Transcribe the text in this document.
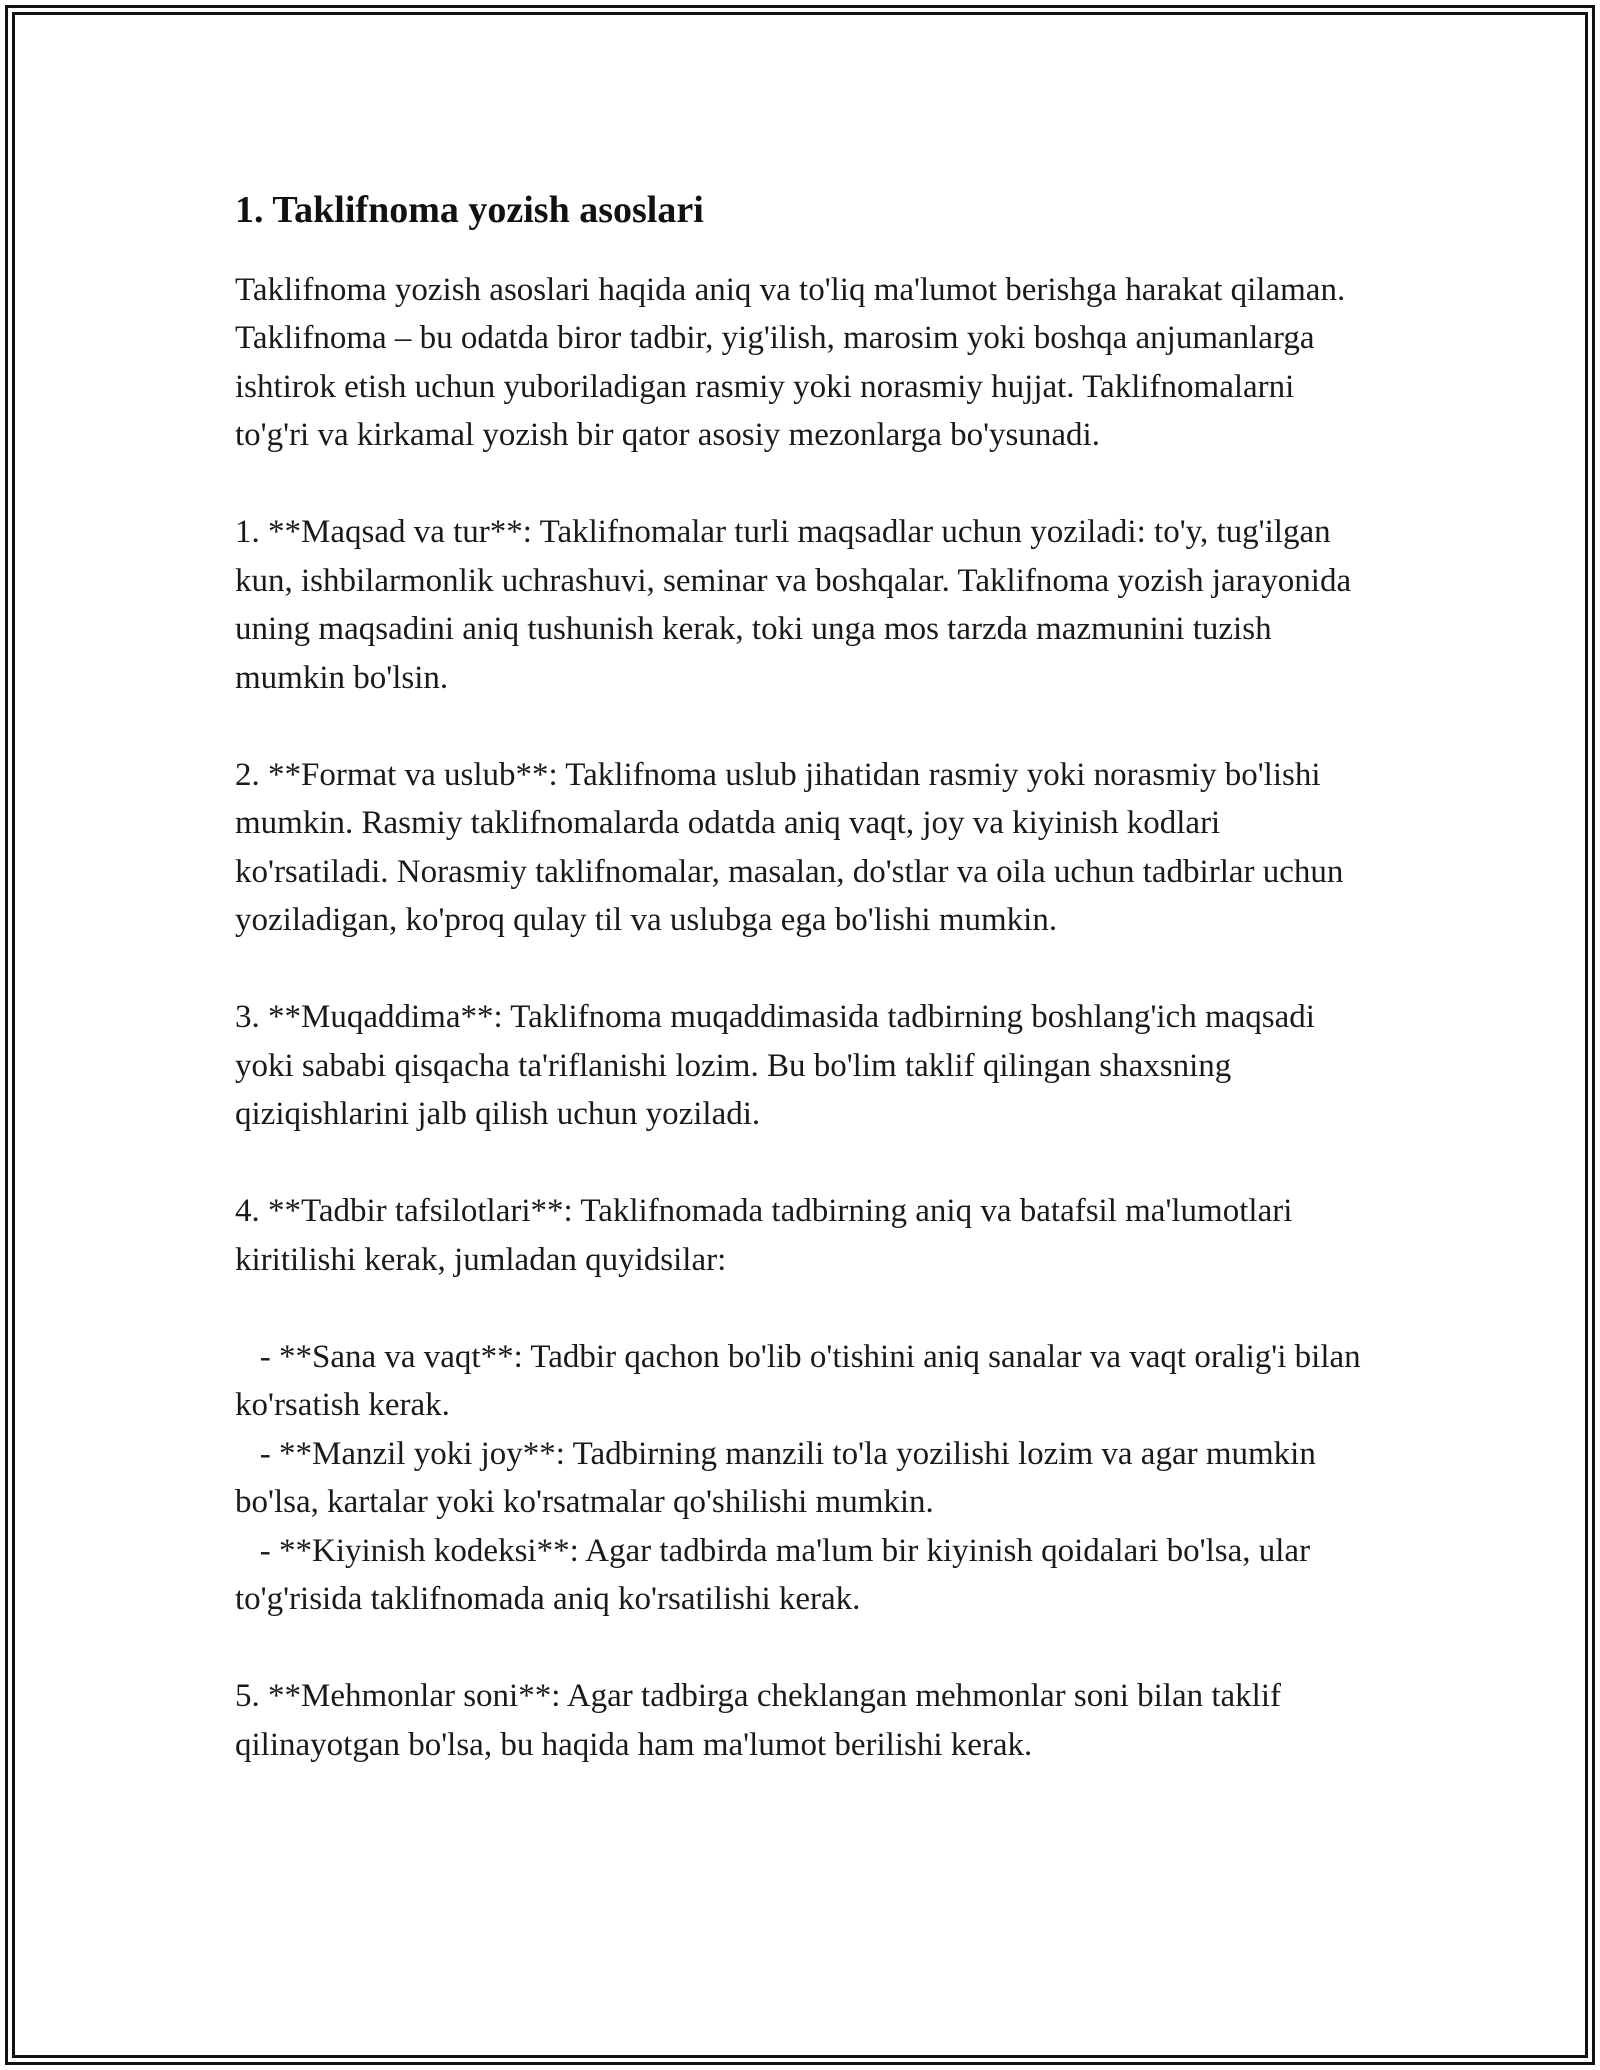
1. Taklifnoma yozish asoslari

Taklifnoma yozish asoslari haqida aniq va to'liq ma'lumot berishga harakat qilaman. Taklifnoma – bu odatda biror tadbir, yig'ilish, marosim yoki boshqa anjumanlarga ishtirok etish uchun yuboriladigan rasmiy yoki norasmiy hujjat. Taklifnomalarni to'g'ri va kirkamal yozish bir qator asosiy mezonlarga bo'ysunadi.

1. **Maqsad va tur**: Taklifnomalar turli maqsadlar uchun yoziladi: to'y, tug'ilgan kun, ishbilarmonlik uchrashuvi, seminar va boshqalar. Taklifnoma yozish jarayonida uning maqsadini aniq tushunish kerak, toki unga mos tarzda mazmunini tuzish mumkin bo'lsin.

2. **Format va uslub**: Taklifnoma uslub jihatidan rasmiy yoki norasmiy bo'lishi mumkin. Rasmiy taklifnomalarda odatda aniq vaqt, joy va kiyinish kodlari ko'rsatiladi. Norasmiy taklifnomalar, masalan, do'stlar va oila uchun tadbirlar uchun yoziladigan, ko'proq qulay til va uslubga ega bo'lishi mumkin.

3. **Muqaddima**: Taklifnoma muqaddimasida tadbirning boshlang'ich maqsadi yoki sababi qisqacha ta'riflanishi lozim. Bu bo'lim taklif qilingan shaxsning qiziqishlarini jalb qilish uchun yoziladi.

4. **Tadbir tafsilotlari**: Taklifnomada tadbirning aniq va batafsil ma'lumotlari kiritilishi kerak, jumladan quyidsilar:

- **Sana va vaqt**: Tadbir qachon bo'lib o'tishini aniq sanalar va vaqt oralig'i bilan ko'rsatish kerak.

- **Manzil yoki joy**: Tadbirning manzili to'la yozilishi lozim va agar mumkin bo'lsa, kartalar yoki ko'rsatmalar qo'shilishi mumkin.

- **Kiyinish kodeksi**: Agar tadbirda ma'lum bir kiyinish qoidalari bo'lsa, ular to'g'risida taklifnomada aniq ko'rsatilishi kerak.

5. **Mehmonlar soni**: Agar tadbirga cheklangan mehmonlar soni bilan taklif qilinayotgan bo'lsa, bu haqida ham ma'lumot berilishi kerak.
